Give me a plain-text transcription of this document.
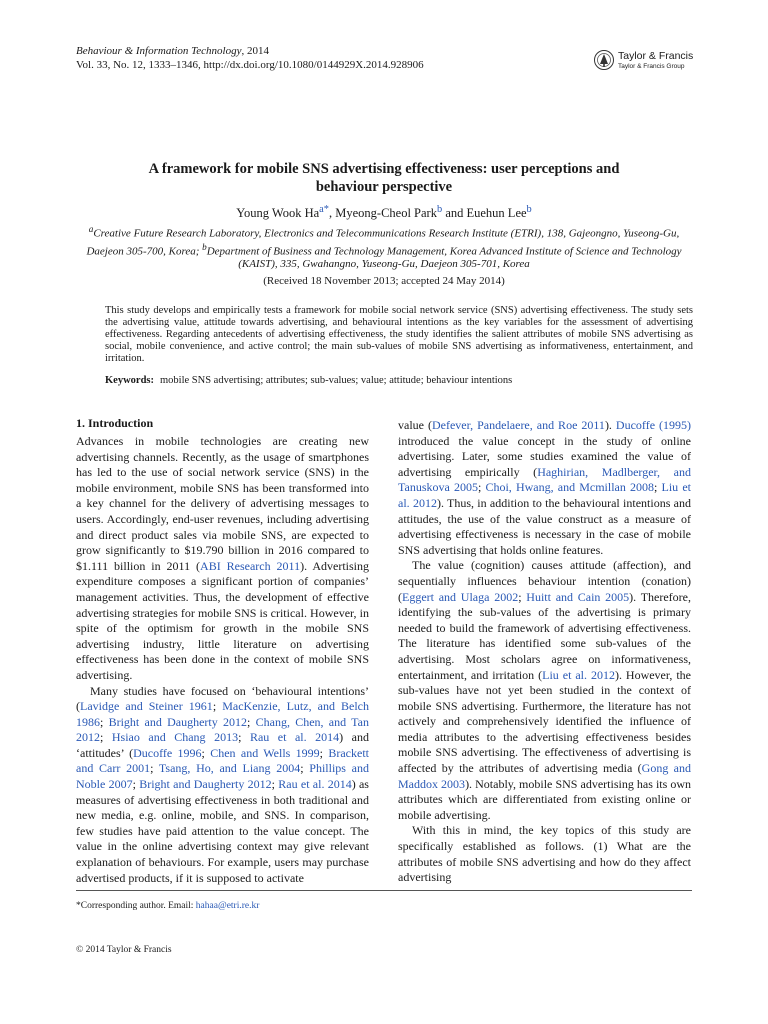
Behaviour & Information Technology, 2014
Vol. 33, No. 12, 1333–1346, http://dx.doi.org/10.1080/0144929X.2014.928906
Taylor & Francis
Taylor & Francis Group
A framework for mobile SNS advertising effectiveness: user perceptions and
behaviour perspective
Young Wook Ha$^{a*}$, Myeong-Cheol Park$^b$ and Euehun Lee$^b$
$^a$Creative Future Research Laboratory, Electronics and Telecommunications Research Institute (ETRI), 138, Gajeongno, Yuseong-Gu, Daejeon 305-700, Korea; $^b$Department of Business and Technology Management, Korea Advanced Institute of Science and Technology (KAIST), 335, Gwahangno, Yuseong-Gu, Daejeon 305-701, Korea
(Received 18 November 2013; accepted 24 May 2014)
This study develops and empirically tests a framework for mobile social network service (SNS) advertising effectiveness. The study sets the advertising value, attitude towards advertising, and behavioural intentions as the key variables for the assessment of advertising effectiveness. Regarding antecedents of advertising effectiveness, the study identifies the salient attributes of mobile SNS advertising as social, mobile convenience, and active control; the main sub-values of mobile SNS advertising as informativeness, entertainment, and irritation.
Keywords: mobile SNS advertising; attributes; sub-values; value; attitude; behaviour intentions
1. Introduction

Advances in mobile technologies are creating new advertising channels. Recently, as the usage of smartphones has led to the use of social network service (SNS) in the mobile environment, mobile SNS has been transformed into a key channel for the delivery of advertising messages to users. Accordingly, end-user revenues, including advertising and direct product sales via mobile SNS, are expected to grow significantly to $19.790 billion in 2016 compared to $1.111 billion in 2011 (ABI Research 2011). Advertising expenditure composes a significant portion of companies’ management activities. Thus, the development of effective advertising strategies for mobile SNS is critical. However, in spite of the optimism for growth in the mobile SNS advertising industry, little literature on advertising effectiveness has been done in the context of mobile SNS advertising.

Many studies have focused on ‘behavioural intentions’ (Lavidge and Steiner 1961; MacKenzie, Lutz, and Belch 1986; Bright and Daugherty 2012; Chang, Chen, and Tan 2012; Hsiao and Chang 2013; Rau et al. 2014) and ‘attitudes’ (Ducoffe 1996; Chen and Wells 1999; Brackett and Carr 2001; Tsang, Ho, and Liang 2004; Phillips and Noble 2007; Bright and Daugherty 2012; Rau et al. 2014) as measures of advertising effectiveness in both traditional and new media, e.g. online, mobile, and SNS. In comparison, few studies have paid attention to the value concept. The value in the online advertising context may give relevant explanation of behaviours. For example, users may purchase advertised products, if it is supposed to activate

value (Defever, Pandelaere, and Roe 2011). Ducoffe (1995) introduced the value concept in the study of online advertising. Later, some studies examined the value of advertising empirically (Haghirian, Madlberger, and Tanuskova 2005; Choi, Hwang, and Mcmillan 2008; Liu et al. 2012). Thus, in addition to the behavioural intentions and attitudes, the use of the value construct as a measure of advertising effectiveness is necessary in the case of mobile SNS advertising that holds online features.

The value (cognition) causes attitude (affection), and sequentially influences behaviour intention (conation) (Eggert and Ulaga 2002; Huitt and Cain 2005). Therefore, identifying the sub-values of the advertising is primary needed to build the framework of advertising effectiveness. The literature has identified some sub-values of the advertising. Most scholars agree on informativeness, entertainment, and irritation (Liu et al. 2012). However, the sub-values have not yet been studied in the context of mobile SNS advertising. Furthermore, the literature has not actively and comprehensively identified the influence of media attributes to the advertising effectiveness besides mobile SNS advertising. The effectiveness of advertising is affected by the attributes of advertising media (Gong and Maddox 2003). Notably, mobile SNS advertising has its own attributes which are differentiated from existing online or mobile advertising.

With this in mind, the key topics of this study are specifically established as follows. (1) What are the attributes of mobile SNS advertising and how do they affect advertising

*Corresponding author. Email: hahaa@etri.re.kr
© 2014 Taylor & Francis
